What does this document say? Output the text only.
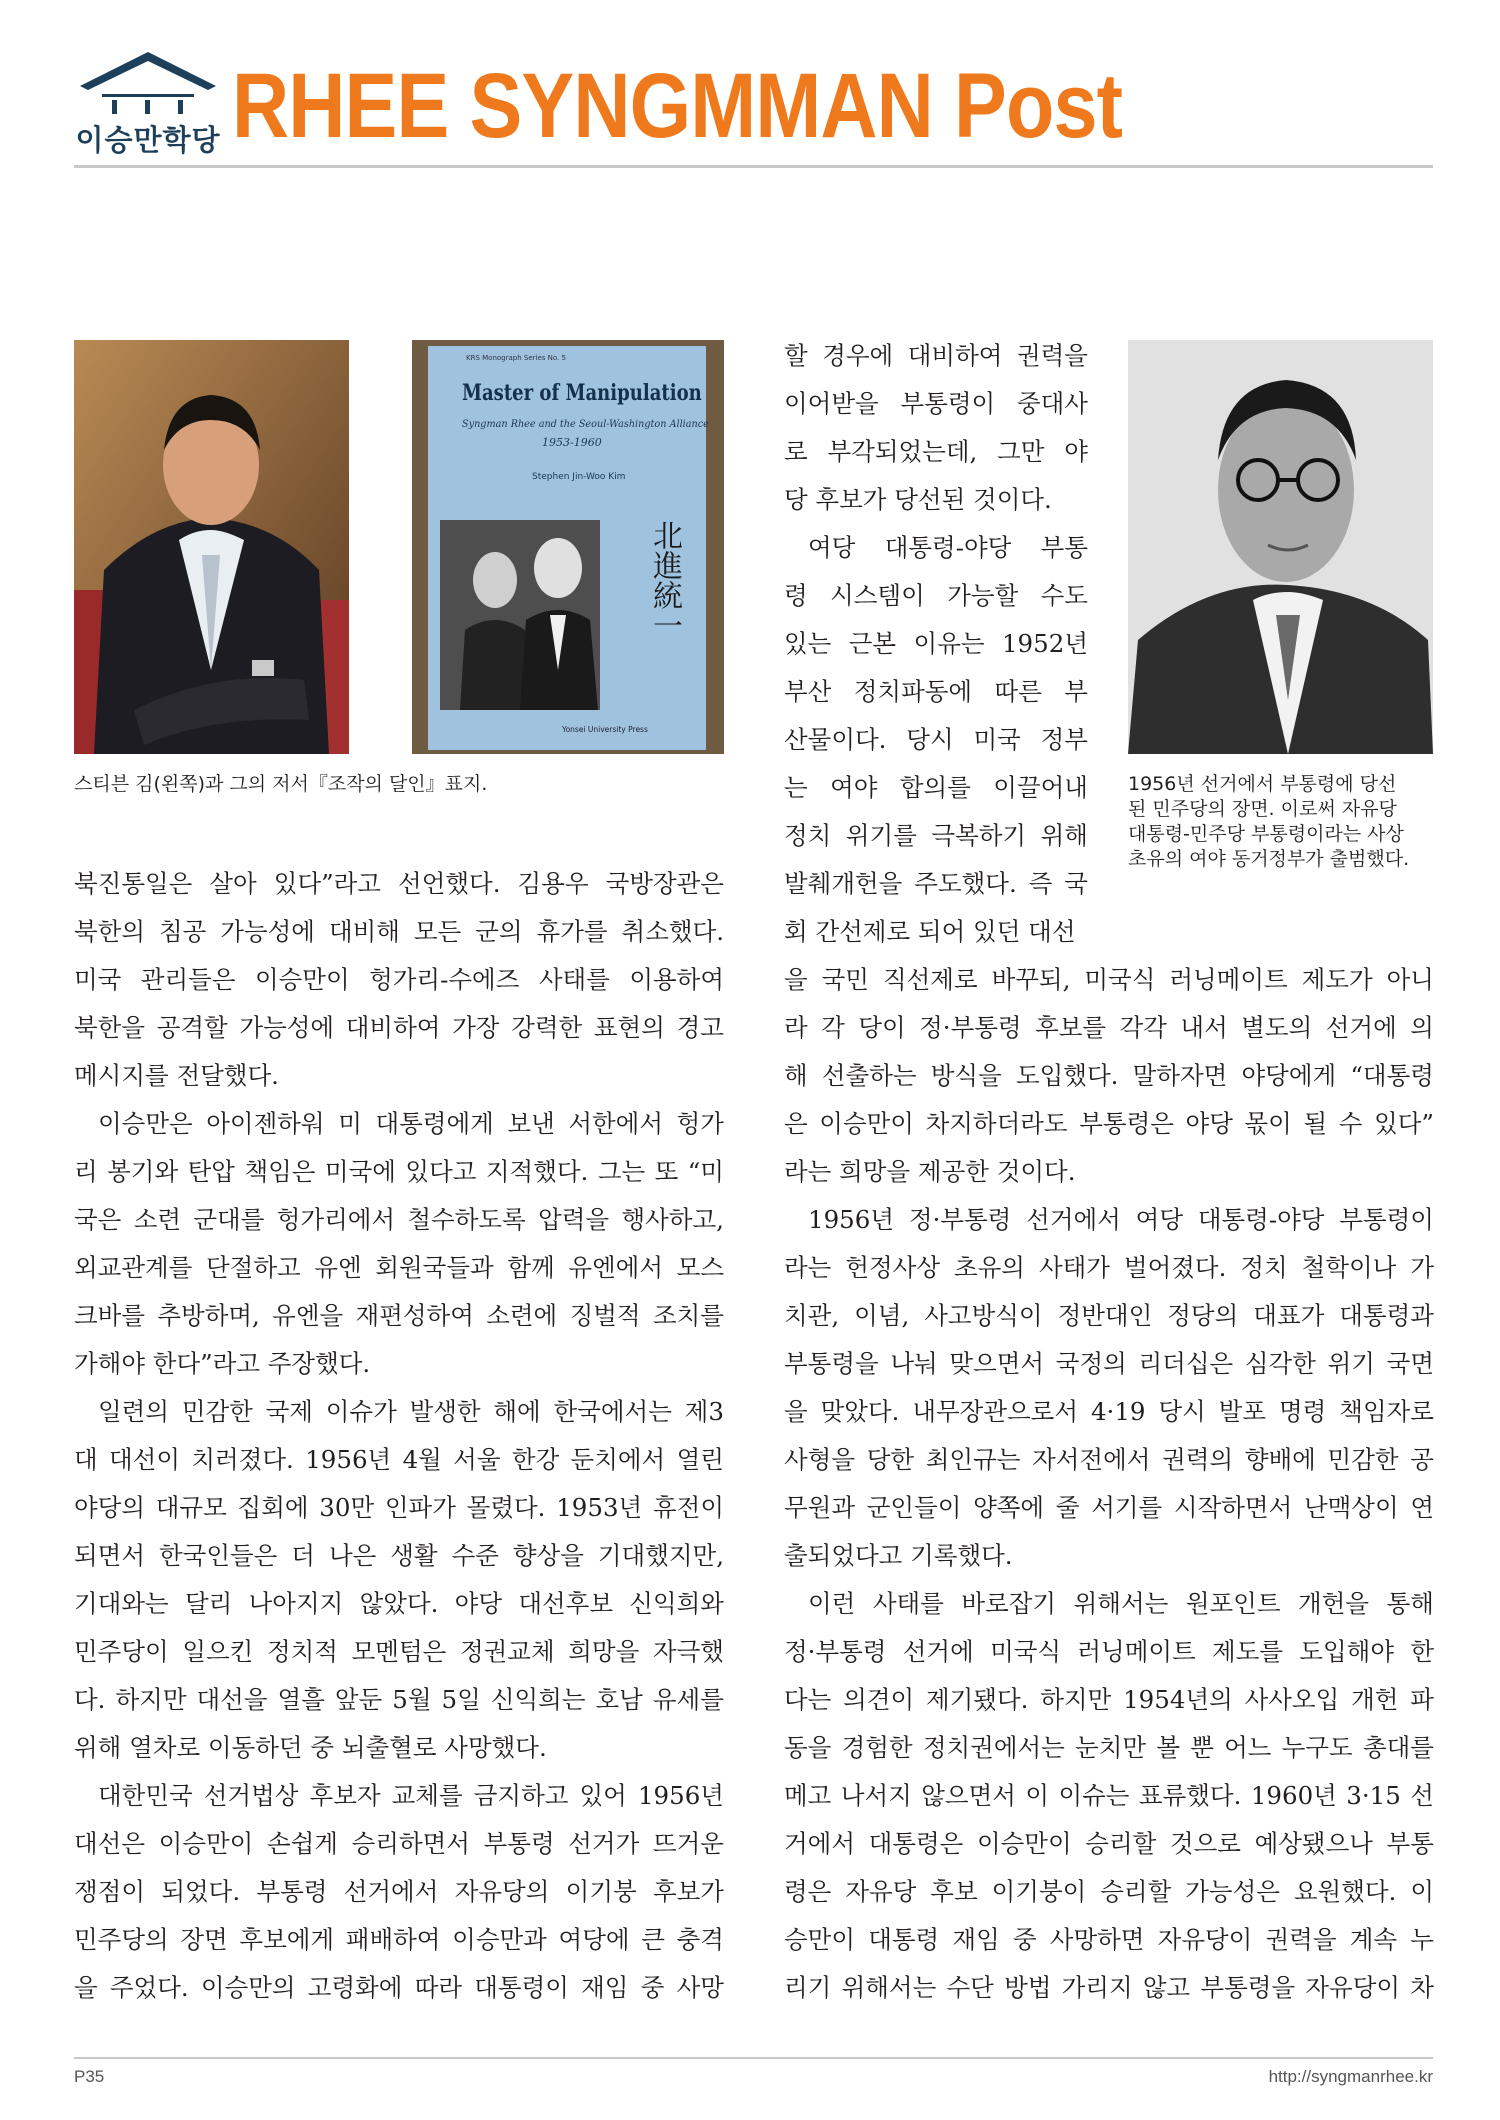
이승만학당 RHEE SYNGMMAN Post
KRS Monograph Series No. 5
Master of Manipulation
Syngman Rhee and the Seoul-Washington Alliance
1953-1960
Stephen Jin-Woo Kim
北進統一
Yonsei University Press
스티븐 김(왼쪽)과 그의 저서『조작의 달인』표지.	1956년 선거에서 부통령에 당선
된 민주당의 장면. 이로써 자유당
대통령-민주당 부통령이라는 사상
초유의 여야 동거정부가 출범했다.
북진통일은 살아 있다”라고 선언했다. 김용우 국방장관은
북한의 침공 가능성에 대비해 모든 군의 휴가를 취소했다.
미국 관리들은 이승만이 헝가리-수에즈 사태를 이용하여
북한을 공격할 가능성에 대비하여 가장 강력한 표현의 경고
메시지를 전달했다.
이승만은 아이젠하워 미 대통령에게 보낸 서한에서 헝가
리 봉기와 탄압 책임은 미국에 있다고 지적했다. 그는 또 “미
국은 소련 군대를 헝가리에서 철수하도록 압력을 행사하고,
외교관계를 단절하고 유엔 회원국들과 함께 유엔에서 모스
크바를 추방하며, 유엔을 재편성하여 소련에 징벌적 조치를
가해야 한다”라고 주장했다.
일련의 민감한 국제 이슈가 발생한 해에 한국에서는 제3
대 대선이 치러졌다. 1956년 4월 서울 한강 둔치에서 열린
야당의 대규모 집회에 30만 인파가 몰렸다. 1953년 휴전이
되면서 한국인들은 더 나은 생활 수준 향상을 기대했지만,
기대와는 달리 나아지지 않았다. 야당 대선후보 신익희와
민주당이 일으킨 정치적 모멘텀은 정권교체 희망을 자극했
다. 하지만 대선을 열흘 앞둔 5월 5일 신익희는 호남 유세를
위해 열차로 이동하던 중 뇌출혈로 사망했다.
대한민국 선거법상 후보자 교체를 금지하고 있어 1956년
대선은 이승만이 손쉽게 승리하면서 부통령 선거가 뜨거운
쟁점이 되었다. 부통령 선거에서 자유당의 이기붕 후보가
민주당의 장면 후보에게 패배하여 이승만과 여당에 큰 충격
을 주었다. 이승만의 고령화에 따라 대통령이 재임 중 사망
할 경우에 대비하여 권력을
이어받을 부통령이 중대사
로 부각되었는데, 그만 야
당 후보가 당선된 것이다.
여당 대통령-야당 부통
령 시스템이 가능할 수도
있는 근본 이유는 1952년
부산 정치파동에 따른 부
산물이다. 당시 미국 정부
는 여야 합의를 이끌어내
정치 위기를 극복하기 위해
발췌개헌을 주도했다. 즉 국
회 간선제로 되어 있던 대선
을 국민 직선제로 바꾸되, 미국식 러닝메이트 제도가 아니
라 각 당이 정·부통령 후보를 각각 내서 별도의 선거에 의
해 선출하는 방식을 도입했다. 말하자면 야당에게 “대통령
은 이승만이 차지하더라도 부통령은 야당 몫이 될 수 있다”
라는 희망을 제공한 것이다.
1956년 정·부통령 선거에서 여당 대통령-야당 부통령이
라는 헌정사상 초유의 사태가 벌어졌다. 정치 철학이나 가
치관, 이념, 사고방식이 정반대인 정당의 대표가 대통령과
부통령을 나눠 맞으면서 국정의 리더십은 심각한 위기 국면
을 맞았다. 내무장관으로서 4·19 당시 발포 명령 책임자로
사형을 당한 최인규는 자서전에서 권력의 향배에 민감한 공
무원과 군인들이 양쪽에 줄 서기를 시작하면서 난맥상이 연
출되었다고 기록했다.
이런 사태를 바로잡기 위해서는 원포인트 개헌을 통해
정·부통령 선거에 미국식 러닝메이트 제도를 도입해야 한
다는 의견이 제기됐다. 하지만 1954년의 사사오입 개헌 파
동을 경험한 정치권에서는 눈치만 볼 뿐 어느 누구도 총대를
메고 나서지 않으면서 이 이슈는 표류했다. 1960년 3·15 선
거에서 대통령은 이승만이 승리할 것으로 예상됐으나 부통
령은 자유당 후보 이기붕이 승리할 가능성은 요원했다. 이
승만이 대통령 재임 중 사망하면 자유당이 권력을 계속 누
리기 위해서는 수단 방법 가리지 않고 부통령을 자유당이 차
P35	http://syngmanrhee.kr
